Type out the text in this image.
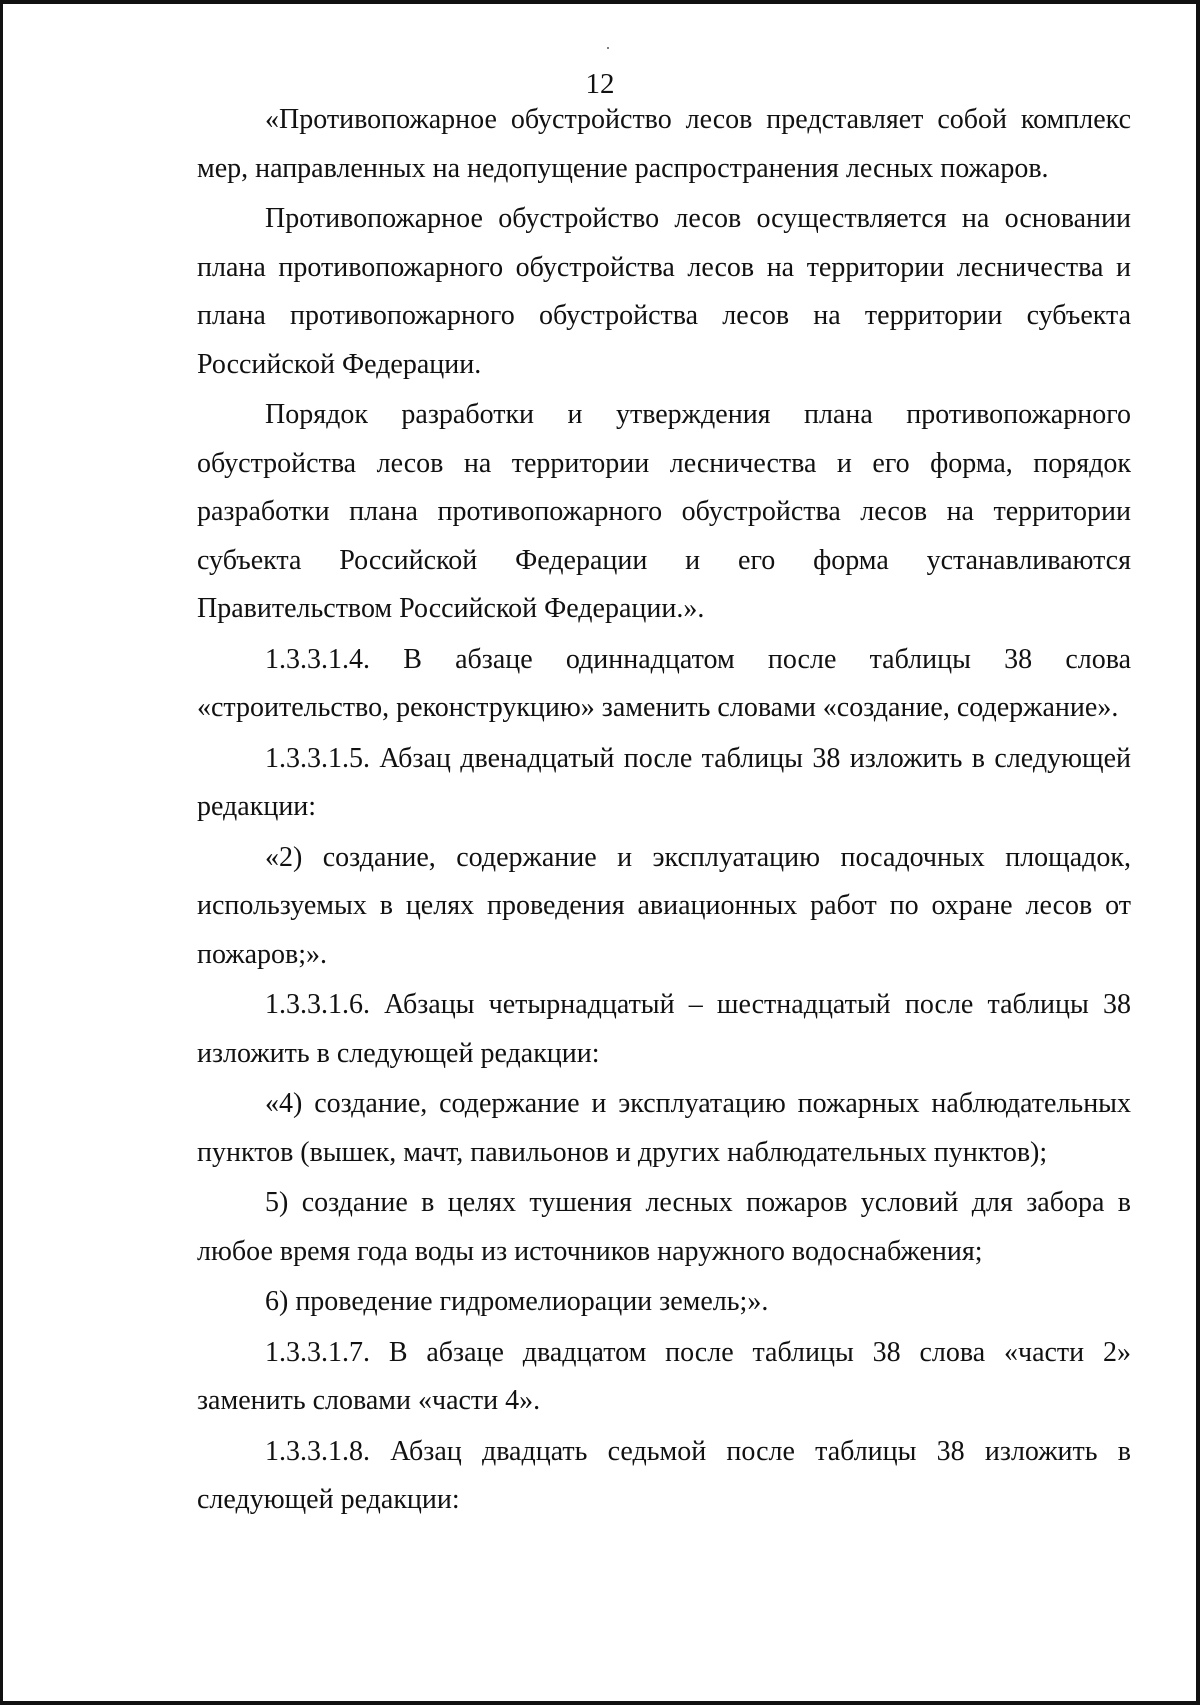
12

«Противопожарное обустройство лесов представляет собой комплекс мер, направленных на недопущение распространения лесных пожаров.

Противопожарное обустройство лесов осуществляется на основании плана противопожарного обустройства лесов на территории лесничества и плана противопожарного обустройства лесов на территории субъекта Российской Федерации.

Порядок разработки и утверждения плана противопожарного обустройства лесов на территории лесничества и его форма, порядок разработки плана противопожарного обустройства лесов на территории субъекта Российской Федерации и его форма устанавливаются Правительством Российской Федерации.».

1.3.3.1.4. В абзаце одиннадцатом после таблицы 38 слова «строительство, реконструкцию» заменить словами «создание, содержание».

1.3.3.1.5. Абзац двенадцатый после таблицы 38 изложить в следующей редакции:

«2) создание, содержание и эксплуатацию посадочных площадок, используемых в целях проведения авиационных работ по охране лесов от пожаров;».

1.3.3.1.6. Абзацы четырнадцатый – шестнадцатый после таблицы 38 изложить в следующей редакции:

«4) создание, содержание и эксплуатацию пожарных наблюдательных пунктов (вышек, мачт, павильонов и других наблюдательных пунктов);

5) создание в целях тушения лесных пожаров условий для забора в любое время года воды из источников наружного водоснабжения;

6) проведение гидромелиорации земель;».

1.3.3.1.7. В абзаце двадцатом после таблицы 38 слова «части 2» заменить словами «части 4».

1.3.3.1.8. Абзац двадцать седьмой после таблицы 38 изложить в следующей редакции:
